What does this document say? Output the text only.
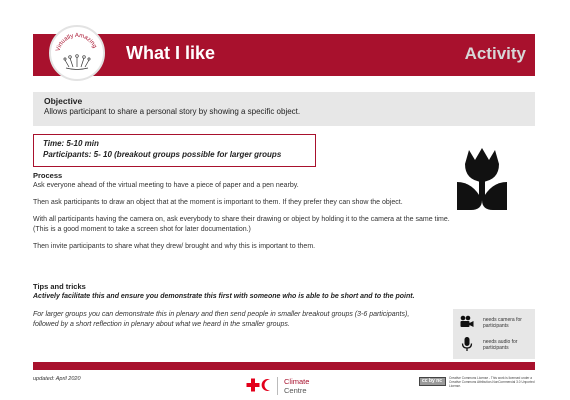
Virtually Amazing What I like	Activity
Objective
Allows participant to share a personal story by showing a specific object.
Time: 5-10 min
Participants: 5- 10 (breakout groups possible for larger groups
Process
Ask everyone ahead of the virtual meeting to have a piece of paper and a pen nearby.
Then ask participants to draw an object that at the moment is important to them. If they prefer they can show the object.
With all participants having the camera on, ask everybody to share their drawing or object by holding it to the camera at the same time. (This is a good moment to take a screen shot for later documentation.)
Then invite participants to share what they drew/ brought and why this is important to them.
Tips and tricks
Actively facilitate this and ensure you demonstrate this first with someone who is able to be short and to the point.
For larger groups you can demonstrate this in plenary and then send people in smaller breakout groups (3-6 participants), followed by a short reflection in plenary about what we heard in the smaller groups.
needs camera for participants
needs audio for participants
updated: April 2020	Climate
Centre
cc by nc Creative Commons License - This work is licensed under a Creative Commons Attribution-NonCommercial 3.0 Unported License.
